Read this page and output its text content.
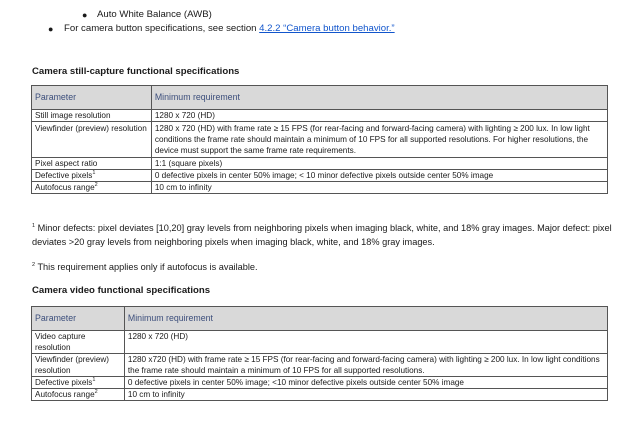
● Auto White Balance (AWB)
● For camera button specifications, see section 4.2.2 “Camera button behavior.”
Camera still-capture functional specifications
Parameter	Minimum requirement
Still image resolution	1280 x 720 (HD)
Viewfinder (preview) resolution	1280 x 720 (HD) with frame rate ≥ 15 FPS (for rear-facing and forward-facing camera) with lighting ≥ 200 lux. In low light conditions the frame rate should maintain a minimum of 10 FPS for all supported resolutions. For higher resolutions, the device must support the same frame rate requirements.
Pixel aspect ratio	1:1 (square pixels)
Defective pixels$^1$	0 defective pixels in center 50% image; < 10 minor defective pixels outside center 50% image
Autofocus range$^2$	10 cm to infinity
$^1$ Minor defects: pixel deviates [10,20] gray levels from neighboring pixels when imaging black, white, and 18% gray images. Major defect: pixel deviates >20 gray levels from neighboring pixels when imaging black, white, and 18% gray images.
$^2$ This requirement applies only if autofocus is available.
Camera video functional specifications
Parameter	Minimum requirement
Video capture resolution	1280 x 720 (HD)
Viewfinder (preview) resolution	1280 x720 (HD) with frame rate ≥ 15 FPS (for rear-facing and forward-facing camera) with lighting ≥ 200 lux. In low light conditions the frame rate should maintain a minimum of 10 FPS for all supported resolutions.
Defective pixels$^1$	0 defective pixels in center 50% image; <10 minor defective pixels outside center 50% image
Autofocus range$^2$	10 cm to infinity
